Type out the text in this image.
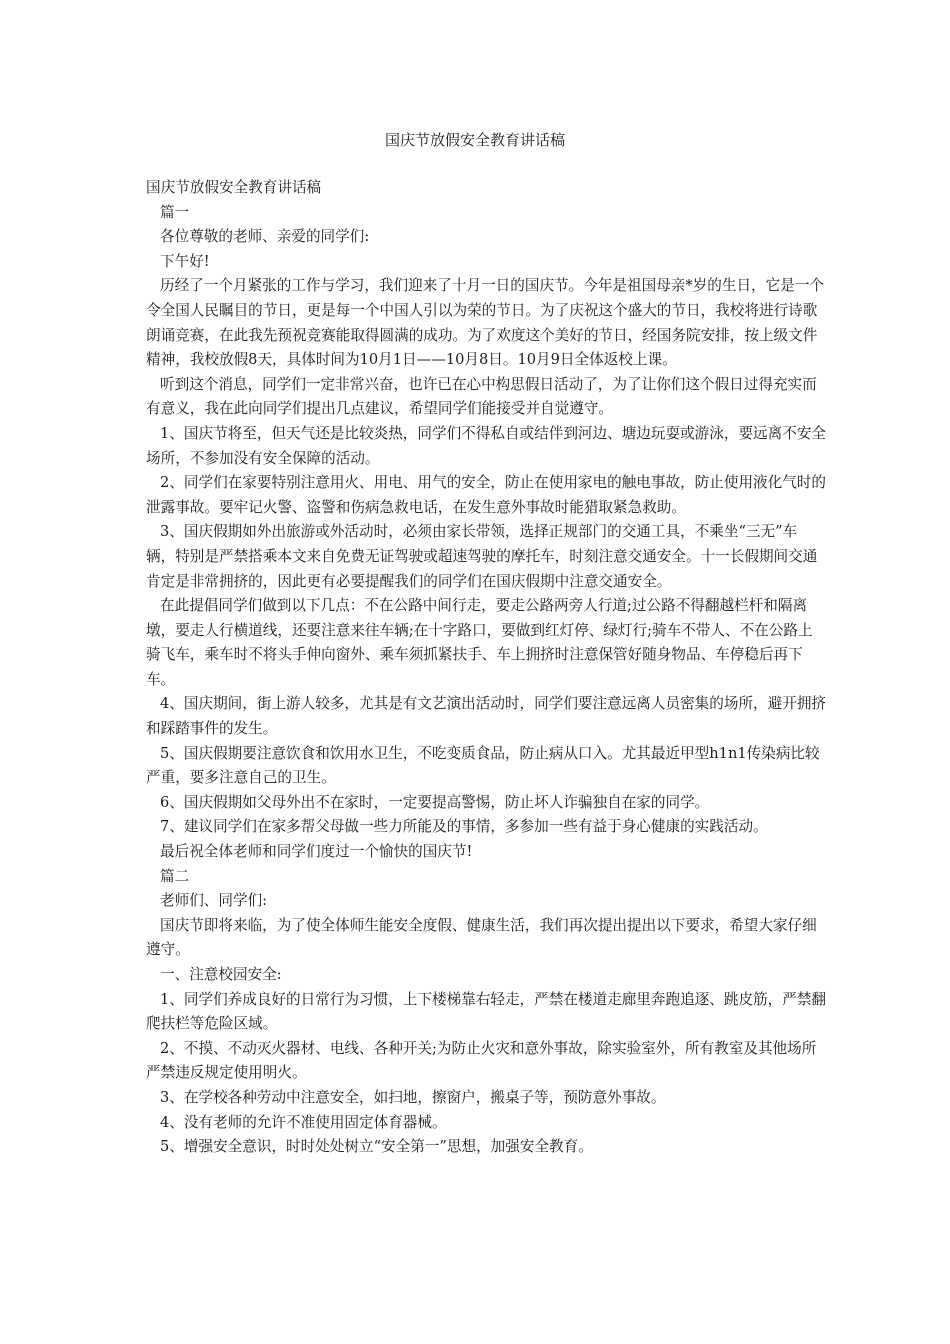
国庆节放假安全教育讲话稿

国庆节放假安全教育讲话稿

篇一

各位尊敬的老师、亲爱的同学们:

下午好!

历经了一个月紧张的工作与学习，我们迎来了十月一日的国庆节。今年是祖国母亲*岁的生日，它是一个令全国人民瞩目的节日，更是每一个中国人引以为荣的节日。为了庆祝这个盛大的节日，我校将进行诗歌朗诵竞赛，在此我先预祝竞赛能取得圆满的成功。为了欢度这个美好的节日，经国务院安排，按上级文件精神，我校放假8天，具体时间为10月1日——10月8日。10月9日全体返校上课。

听到这个消息，同学们一定非常兴奋，也许已在心中构思假日活动了，为了让你们这个假日过得充实而有意义，我在此向同学们提出几点建议，希望同学们能接受并自觉遵守。

1、国庆节将至，但天气还是比较炎热，同学们不得私自或结伴到河边、塘边玩耍或游泳，要远离不安全场所，不参加没有安全保障的活动。

2、同学们在家要特别注意用火、用电、用气的安全，防止在使用家电的触电事故，防止使用液化气时的泄露事故。要牢记火警、盗警和伤病急救电话，在发生意外事故时能猎取紧急救助。

3、国庆假期如外出旅游或外活动时，必须由家长带领，选择正规部门的交通工具，不乘坐“三无”车辆，特别是严禁搭乘本文来自免费无证驾驶或超速驾驶的摩托车，时刻注意交通安全。十一长假期间交通肯定是非常拥挤的，因此更有必要提醒我们的同学们在国庆假期中注意交通安全。

在此提倡同学们做到以下几点：不在公路中间行走，要走公路两旁人行道;过公路不得翻越栏杆和隔离墩，要走人行横道线，还要注意来往车辆;在十字路口，要做到红灯停、绿灯行;骑车不带人、不在公路上骑飞车，乘车时不将头手伸向窗外、乘车须抓紧扶手、车上拥挤时注意保管好随身物品、车停稳后再下车。

4、国庆期间，街上游人较多，尤其是有文艺演出活动时，同学们要注意远离人员密集的场所，避开拥挤和踩踏事件的发生。

5、国庆假期要注意饮食和饮用水卫生，不吃变质食品，防止病从口入。尤其最近甲型h1n1传染病比较严重，要多注意自己的卫生。

6、国庆假期如父母外出不在家时，一定要提高警惕，防止坏人诈骗独自在家的同学。

7、建议同学们在家多帮父母做一些力所能及的事情，多参加一些有益于身心健康的实践活动。

最后祝全体老师和同学们度过一个愉快的国庆节!

篇二

老师们、同学们:

国庆节即将来临，为了使全体师生能安全度假、健康生活，我们再次提出提出以下要求，希望大家仔细遵守。

一、注意校园安全:

1、同学们养成良好的日常行为习惯，上下楼梯靠右轻走，严禁在楼道走廊里奔跑追逐、跳皮筋，严禁翻爬扶栏等危险区域。

2、不摸、不动灭火器材、电线、各种开关;为防止火灾和意外事故，除实验室外，所有教室及其他场所严禁违反规定使用明火。

3、在学校各种劳动中注意安全，如扫地，擦窗户，搬桌子等，预防意外事故。

4、没有老师的允许不准使用固定体育器械。

5、增强安全意识，时时处处树立“安全第一”思想，加强安全教育。
